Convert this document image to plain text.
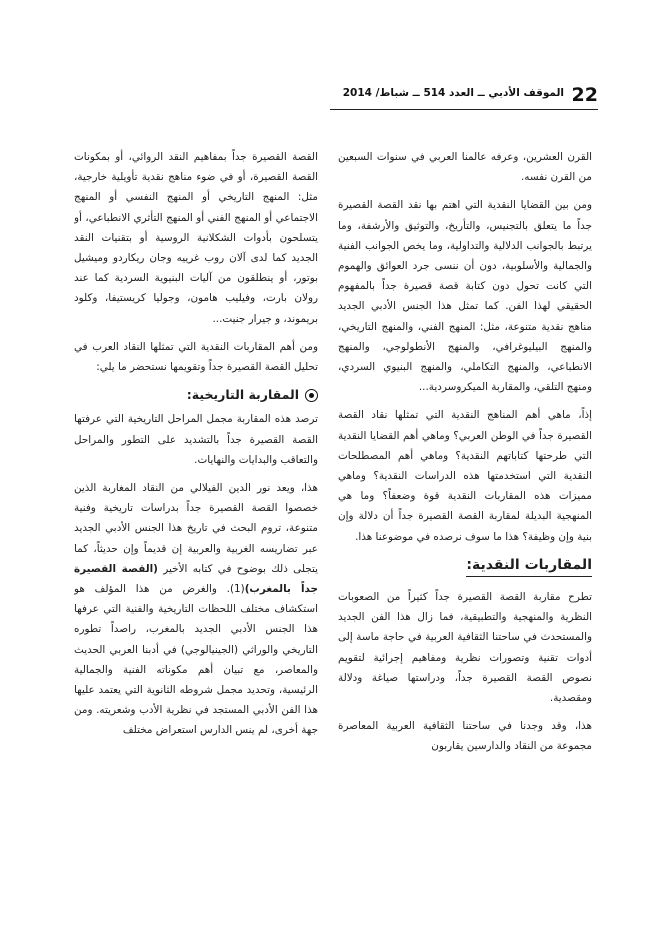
22
الموقف الأدبي ــ العدد 514 ــ شباط/ 2014

القرن العشرين، وعرفه عالمنا العربي في سنوات السبعين من القرن نفسه.

ومن بين القضايا النقدية التي اهتم بها نقد القصة القصيرة جداً ما يتعلق بالتجنيس، والتأريخ، والتوثيق والأرشفة، وما يرتبط بالجوانب الدلالية والتداولية، وما يخص الجوانب الفنية والجمالية والأسلوبية، دون أن ننسى جرد العوائق والهموم التي كانت تحول دون كتابة قصة قصيرة جداً بالمفهوم الحقيقي لهذا الفن. كما تمثل هذا الجنس الأدبي الجديد مناهج نقدية متنوعة، مثل: المنهج الفني، والمنهج التاريخي، والمنهج البيليوغرافي، والمنهج الأنطولوجي، والمنهج الانطباعي، والمنهج التكاملي، والمنهج البنيوي السردي، ومنهج التلقي، والمقاربة الميكروسردية...

إذاً، ماهي أهم المناهج النقدية التي تمثلها نقاد القصة القصيرة جداً في الوطن العربي؟ وماهي أهم القضايا النقدية التي طرحتها كتاباتهم النقدية؟ وماهي أهم المصطلحات النقدية التي استخدمتها هذه الدراسات النقدية؟ وماهي مميزات هذه المقاربات النقدية قوة وضعفاً؟ وما هي المنهجية البديلة لمقاربة القصة القصيرة جداً أن دلالة وإن بنية وإن وظيفة؟ هذا ما سوف نرصده في موضوعنا هذا.

المقاربات النقدية:

تطرح مقاربة القصة القصيرة جداً كثيراً من الصعوبات النظرية والمنهجية والتطبيقية، فما زال هذا الفن الجديد والمستحدث في ساحتنا الثقافية العربية في حاجة ماسة إلى أدوات تقنية وتصورات نظرية ومفاهيم إجرائية لتقويم نصوص القصة القصيرة جداً، ودراستها صياغة ودلالة ومقصدية.

هذا، وقد وجدنا في ساحتنا الثقافية العربية المعاصرة مجموعة من النقاد والدارسين يقاربون

القصة القصيرة جداً بمفاهيم النقد الروائي، أو بمكونات القصة القصيرة، أو في ضوء مناهج نقدية تأويلية خارجية، مثل: المنهج التاريخي أو المنهج النفسي أو المنهج الاجتماعي أو المنهج الفني أو المنهج التأثري الانطباعي، أو يتسلحون بأدوات الشكلانية الروسية أو بتقنيات النقد الجديد كما لدى آلان روب غرييه وجان ريكاردو وميشيل بوتور، أو ينطلقون من آليات البنيوية السردية كما عند رولان بارت، وفيليب هامون، وجوليا كريستيفا، وكلود بريموند، و جيرار جنيت...

ومن أهم المقاربات النقدية التي تمثلها النقاد العرب في تحليل القصة القصيرة جداً وتقويمها نستحضر ما يلي:

المقاربة التاريخية:

ترصد هذه المقاربة مجمل المراحل التاريخية التي عرفتها القصة القصيرة جداً بالتشديد على التطور والمراحل والتعاقب والبدايات والنهايات.

هذا، ويعد نور الدين الفيلالي من النقاد المغاربة الذين خصصوا القصة القصيرة جداً بدراسات تاريخية وفنية متنوعة، تروم البحث في تاريخ هذا الجنس الأدبي الجديد عبر تضاريسه الغربية والعربية إن قديماً وإن حديثاً، كما يتجلى ذلك بوضوح في كتابه الأخير (القصة القصيرة جداً بالمغرب)(1). والغرض من هذا المؤلف هو استكشاف مختلف اللحظات التاريخية والفنية التي عرفها هذا الجنس الأدبي الجديد بالمغرب، راصداً تطوره التاريخي والوراثي (الجينيالوجي) في أدبنا العربي الحديث والمعاصر، مع تبيان أهم مكوناته الفنية والجمالية الرئيسية، وتحديد مجمل شروطه الثانوية التي يعتمد عليها هذا الفن الأدبي المستجد في نظرية الأدب وشعريته. ومن جهة أخرى، لم ينس الدارس استعراض مختلف
